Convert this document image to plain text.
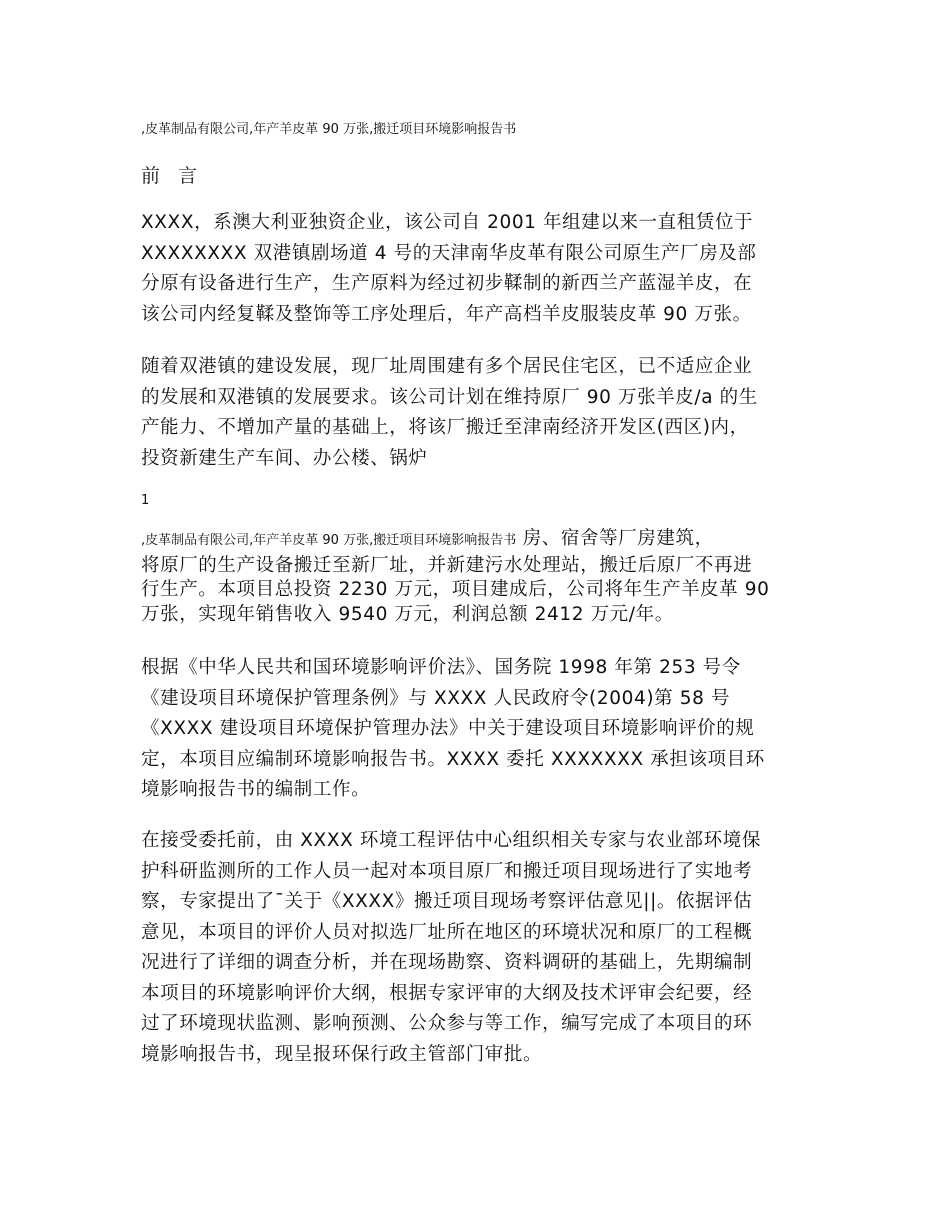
,皮革制品有限公司,年产羊皮革 90 万张,搬迁项目环境影响报告书
前 言
XXXX，系澳大利亚独资企业，该公司自 2001 年组建以来一直租赁位于
XXXXXXXX 双港镇剧场道 4 号的天津南华皮革有限公司原生产厂房及部
分原有设备进行生产，生产原料为经过初步鞣制的新西兰产蓝湿羊皮，在
该公司内经复鞣及整饰等工序处理后，年产高档羊皮服装皮革 90 万张。
随着双港镇的建设发展，现厂址周围建有多个居民住宅区，已不适应企业
的发展和双港镇的发展要求。该公司计划在维持原厂 90 万张羊皮/a 的生
产能力、不增加产量的基础上，将该厂搬迁至津南经济开发区(西区)内，
投资新建生产车间、办公楼、锅炉
1
,皮革制品有限公司,年产羊皮革 90 万张,搬迁项目环境影响报告书 房、宿舍等厂房建筑，
将原厂的生产设备搬迁至新厂址，并新建污水处理站，搬迁后原厂不再进
行生产。本项目总投资 2230 万元，项目建成后，公司将年生产羊皮革 90
万张，实现年销售收入 9540 万元，利润总额 2412 万元/年。
根据《中华人民共和国环境影响评价法》、国务院 1998 年第 253 号令
《建设项目环境保护管理条例》与 XXXX 人民政府令(2004)第 58 号
《XXXX 建设项目环境保护管理办法》中关于建设项目环境影响评价的规
定，本项目应编制环境影响报告书。XXXX 委托 XXXXXXX 承担该项目环
境影响报告书的编制工作。
在接受委托前，由 XXXX 环境工程评估中心组织相关专家与农业部环境保
护科研监测所的工作人员一起对本项目原厂和搬迁项目现场进行了实地考
察，专家提出了¯关于《XXXX》搬迁项目现场考察评估意见||。依据评估
意见，本项目的评价人员对拟选厂址所在地区的环境状况和原厂的工程概
况进行了详细的调查分析，并在现场勘察、资料调研的基础上，先期编制
本项目的环境影响评价大纲，根据专家评审的大纲及技术评审会纪要，经
过了环境现状监测、影响预测、公众参与等工作，编写完成了本项目的环
境影响报告书，现呈报环保行政主管部门审批。
